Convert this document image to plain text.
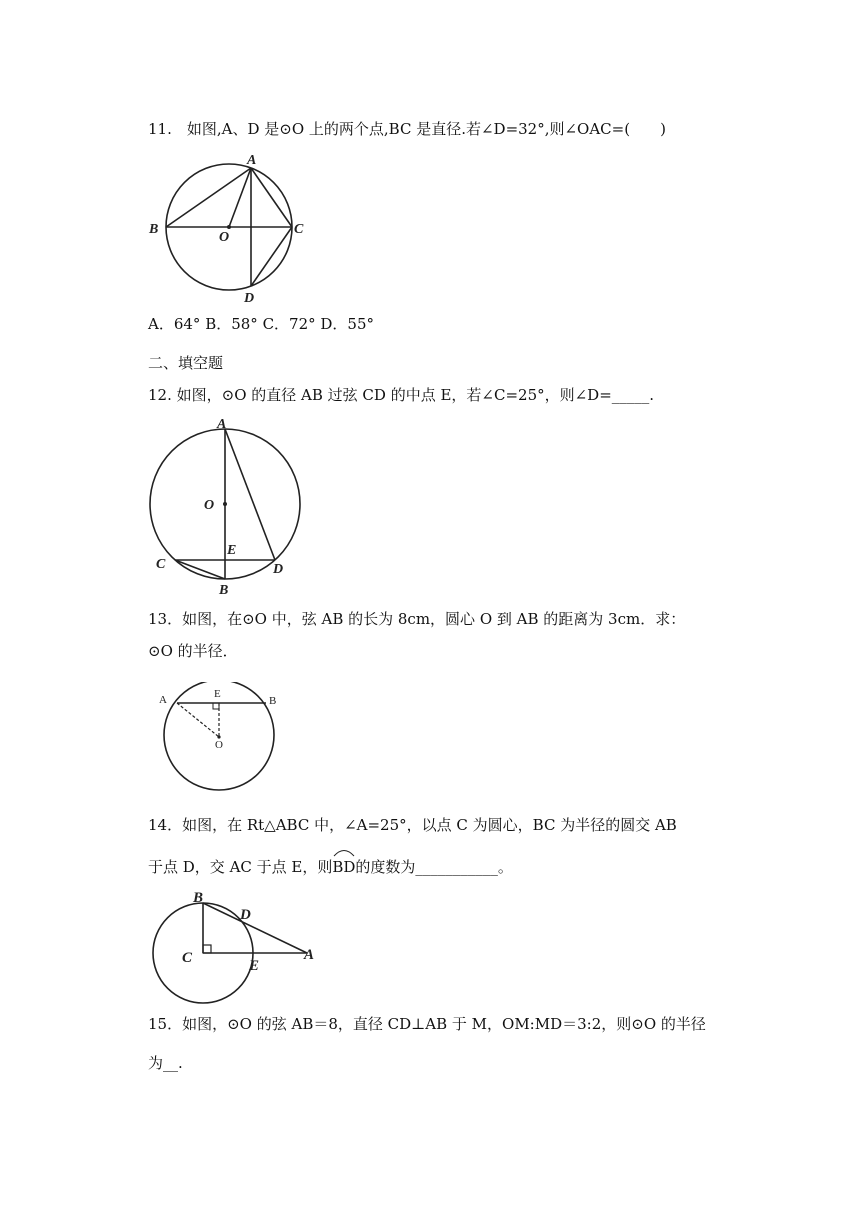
11.　如图,A、D 是⊙O 上的两个点,BC 是直径.若∠D=32°,则∠OAC=(　　)
A
B	C
O
D
A．64° B．58° C．72° D．55°
二、填空题
12. 如图，⊙O 的直径 AB 过弦 CD 的中点 E，若∠C=25°，则∠D=_____.
A
O
E
C
B
D
13．如图，在⊙O 中，弦 AB 的长为 8cm，圆心 O 到 AB 的距离为 3cm．求：
⊙O 的半径．
A	E
B
O
14．如图，在 Rt△ABC 中，∠A=25°，以点 C 为圆心，BC 为半径的圆交 AB
于点 D，交 AC 于点 E，则
BD的度数为___________。
B
D
C	E
A
15．如图，⊙O 的弦 AB＝8，直径 CD⊥AB 于 M，OM:MD＝3:2，则⊙O 的半径
为__.
